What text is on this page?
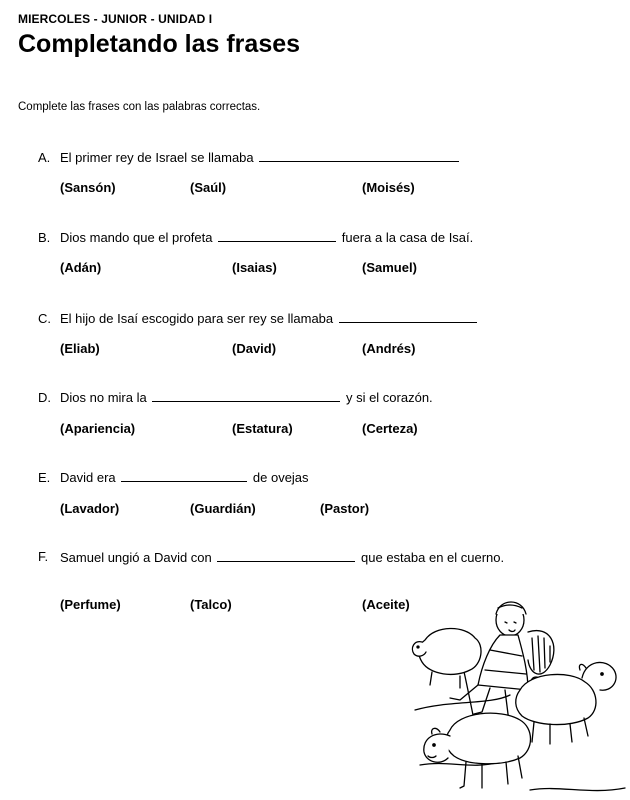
MIERCOLES - JUNIOR - UNIDAD I
Completando las frases
Complete las frases con las palabras correctas.
A. El primer rey de Israel se llamaba
(Sansón)	(Saúl)	(Moisés)
B. Dios mando que el profeta	fuera a la casa de Isaí.
(Adán)	(Isaias)	(Samuel)
C. El hijo de Isaí escogido para ser rey se llamaba
(Eliab)	(David)	(Andrés)
D. Dios no mira la	y si el corazón.
(Apariencia)	(Estatura)	(Certeza)
E. David era	de ovejas
(Lavador)	(Guardián)	(Pastor)
F. Samuel ungió a David con	que estaba en el cuerno.
(Perfume)	(Talco)	(Aceite)
